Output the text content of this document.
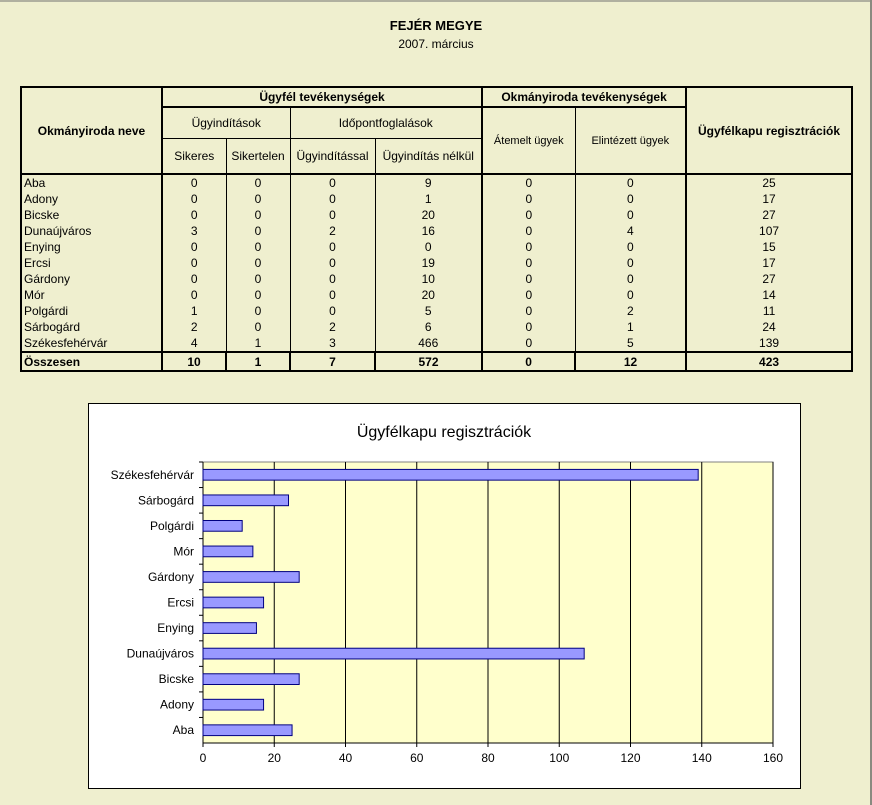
FEJÉR MEGYE
2007. március
Okmányiroda neve	Ügyfél tevékenységek				Okmányiroda tevékenységek		Ügyfélkapu regisztrációk
	Ügyindítások		Időpontfoglalások		Átemelt ügyek	Elintézett ügyek	
	Sikeres	Sikertelen	Ügyindítással	Ügyindítás nélkül			
Aba	0	0	0	9	0	0	25
Adony	0	0	0	1	0	0	17
Bicske	0	0	0	20	0	0	27
Dunaújváros	3	0	2	16	0	4	107
Enying	0	0	0	0	0	0	15
Ercsi	0	0	0	19	0	0	17
Gárdony	0	0	0	10	0	0	27
Mór	0	0	0	20	0	0	14
Polgárdi	1	0	0	5	0	2	11
Sárbogárd	2	0	2	6	0	1	24
Székesfehérvár	4	1	3	466	0	5	139
Összesen	10	1	7	572	0	12	423
Ügyfélkapu regisztrációk
0	20	40	60	80	100	120	140	160
Székesfehérvár
Sárbogárd
Polgárdi
Mór
Gárdony
Ercsi
Enying
Dunaújváros
Bicske
Adony
Aba
